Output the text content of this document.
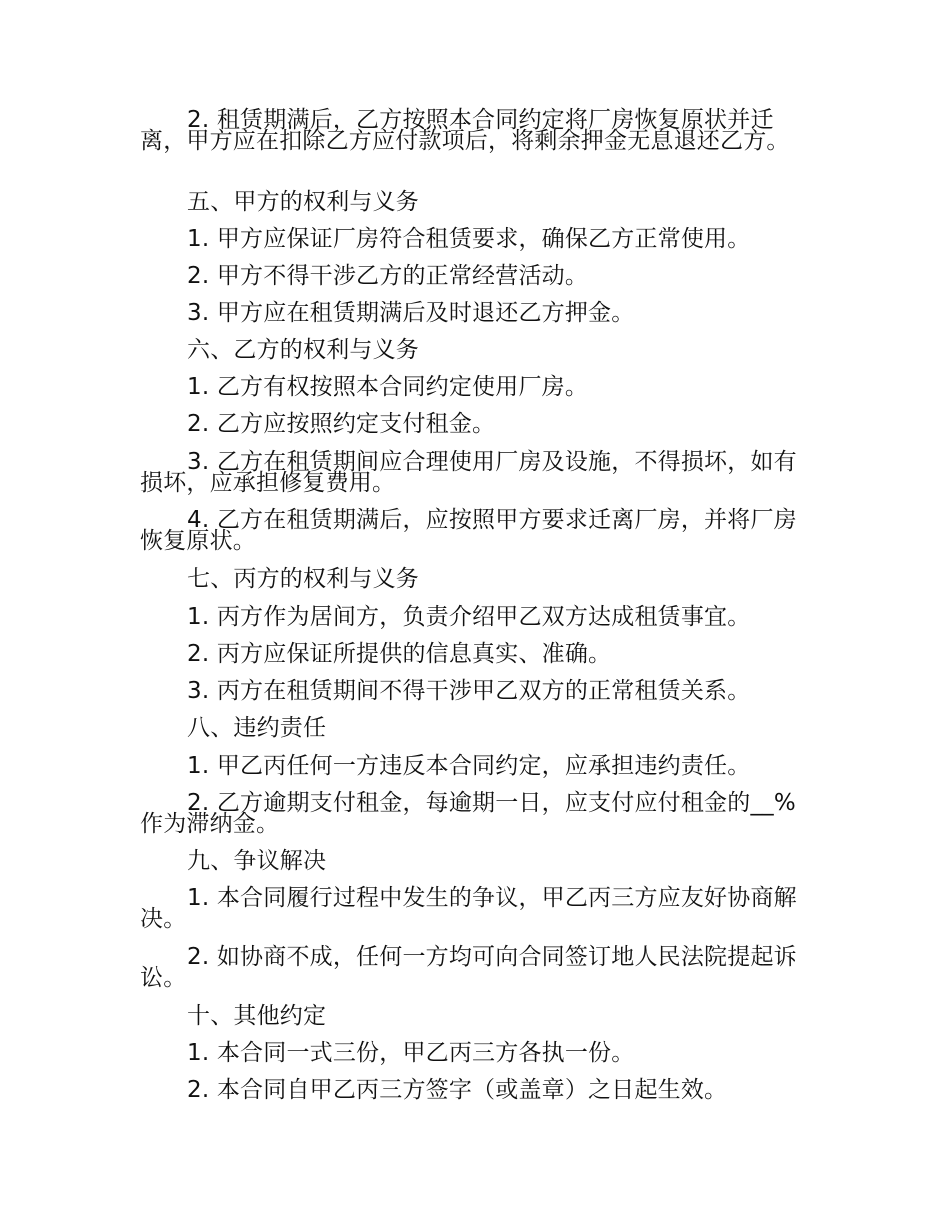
2. 租赁期满后，乙方按照本合同约定将厂房恢复原状并迁离，甲方应在扣除乙方应付款项后，将剩余押金无息退还乙方。

五、甲方的权利与义务

1. 甲方应保证厂房符合租赁要求，确保乙方正常使用。

2. 甲方不得干涉乙方的正常经营活动。

3. 甲方应在租赁期满后及时退还乙方押金。

六、乙方的权利与义务

1. 乙方有权按照本合同约定使用厂房。

2. 乙方应按照约定支付租金。

3. 乙方在租赁期间应合理使用厂房及设施，不得损坏，如有损坏，应承担修复费用。

4. 乙方在租赁期满后，应按照甲方要求迁离厂房，并将厂房恢复原状。

七、丙方的权利与义务

1. 丙方作为居间方，负责介绍甲乙双方达成租赁事宜。

2. 丙方应保证所提供的信息真实、准确。

3. 丙方在租赁期间不得干涉甲乙双方的正常租赁关系。

八、违约责任

1. 甲乙丙任何一方违反本合同约定，应承担违约责任。

2. 乙方逾期支付租金，每逾期一日，应支付应付租金的__%作为滞纳金。

九、争议解决

1. 本合同履行过程中发生的争议，甲乙丙三方应友好协商解决。

2. 如协商不成，任何一方均可向合同签订地人民法院提起诉讼。

十、其他约定

1. 本合同一式三份，甲乙丙三方各执一份。

2. 本合同自甲乙丙三方签字（或盖章）之日起生效。
